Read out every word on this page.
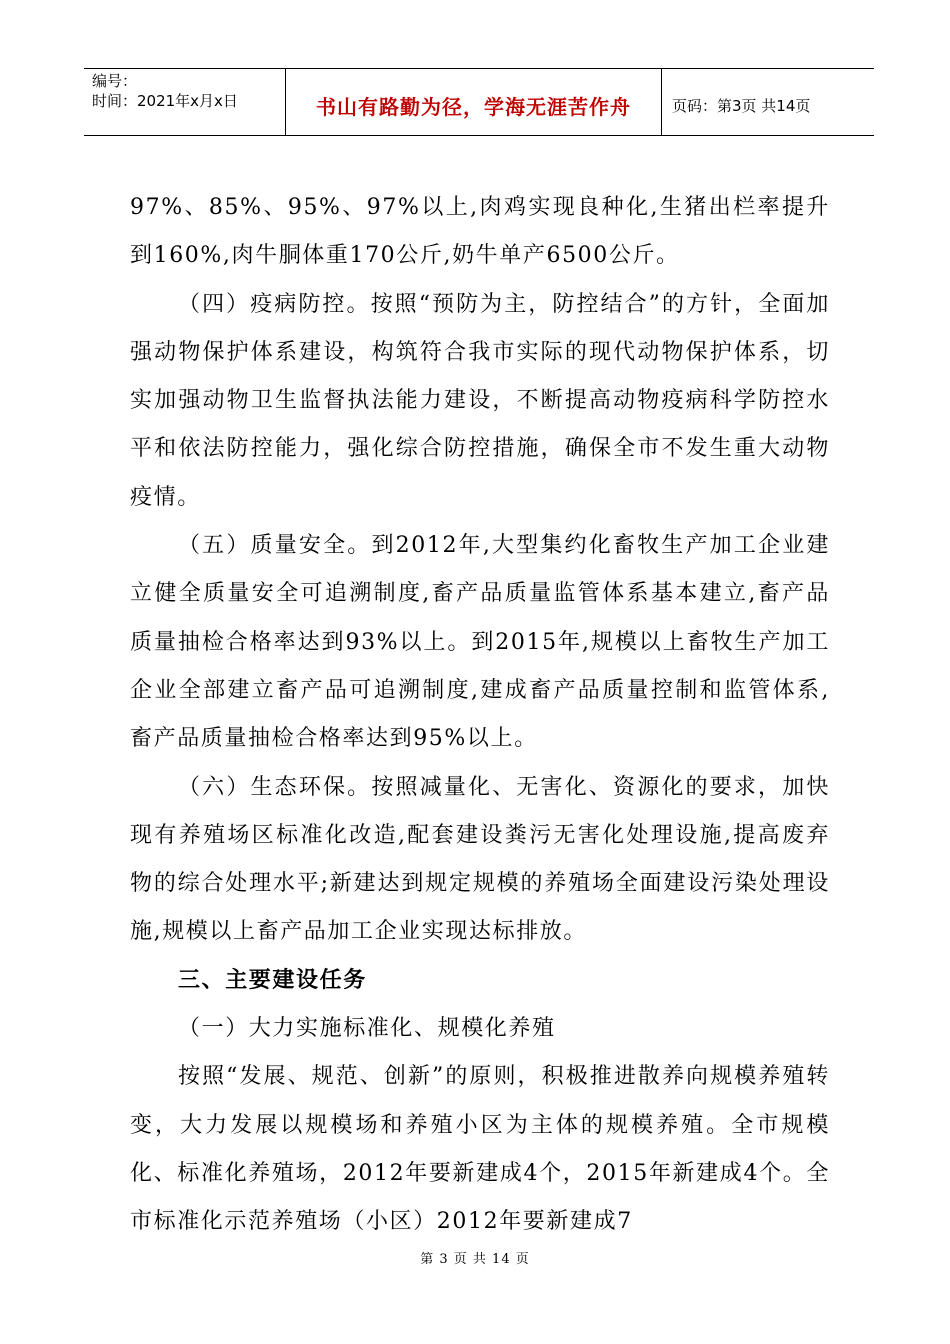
编号：
时间：2021年x月x日	书山有路勤为径，学海无涯苦作舟	页码：第3页 共14页

97%、85%、95%、97%以上,肉鸡实现良种化,生猪出栏率提升到160%,肉牛胴体重170公斤,奶牛单产6500公斤。

（四）疫病防控。按照“预防为主，防控结合”的方针，全面加强动物保护体系建设，构筑符合我市实际的现代动物保护体系，切实加强动物卫生监督执法能力建设，不断提高动物疫病科学防控水平和依法防控能力，强化综合防控措施，确保全市不发生重大动物疫情。

（五）质量安全。到2012年,大型集约化畜牧生产加工企业建立健全质量安全可追溯制度,畜产品质量监管体系基本建立,畜产品质量抽检合格率达到93%以上。到2015年,规模以上畜牧生产加工企业全部建立畜产品可追溯制度,建成畜产品质量控制和监管体系,畜产品质量抽检合格率达到95%以上。

（六）生态环保。按照减量化、无害化、资源化的要求，加快现有养殖场区标准化改造,配套建设粪污无害化处理设施,提高废弃物的综合处理水平;新建达到规定规模的养殖场全面建设污染处理设施,规模以上畜产品加工企业实现达标排放。

三、主要建设任务

（一）大力实施标准化、规模化养殖

按照“发展、规范、创新”的原则，积极推进散养向规模养殖转变，大力发展以规模场和养殖小区为主体的规模养殖。全市规模化、标准化养殖场，2012年要新建成4个，2015年新建成4个。全市标准化示范养殖场（小区）2012年要新建成7

第 3 页 共 14 页
